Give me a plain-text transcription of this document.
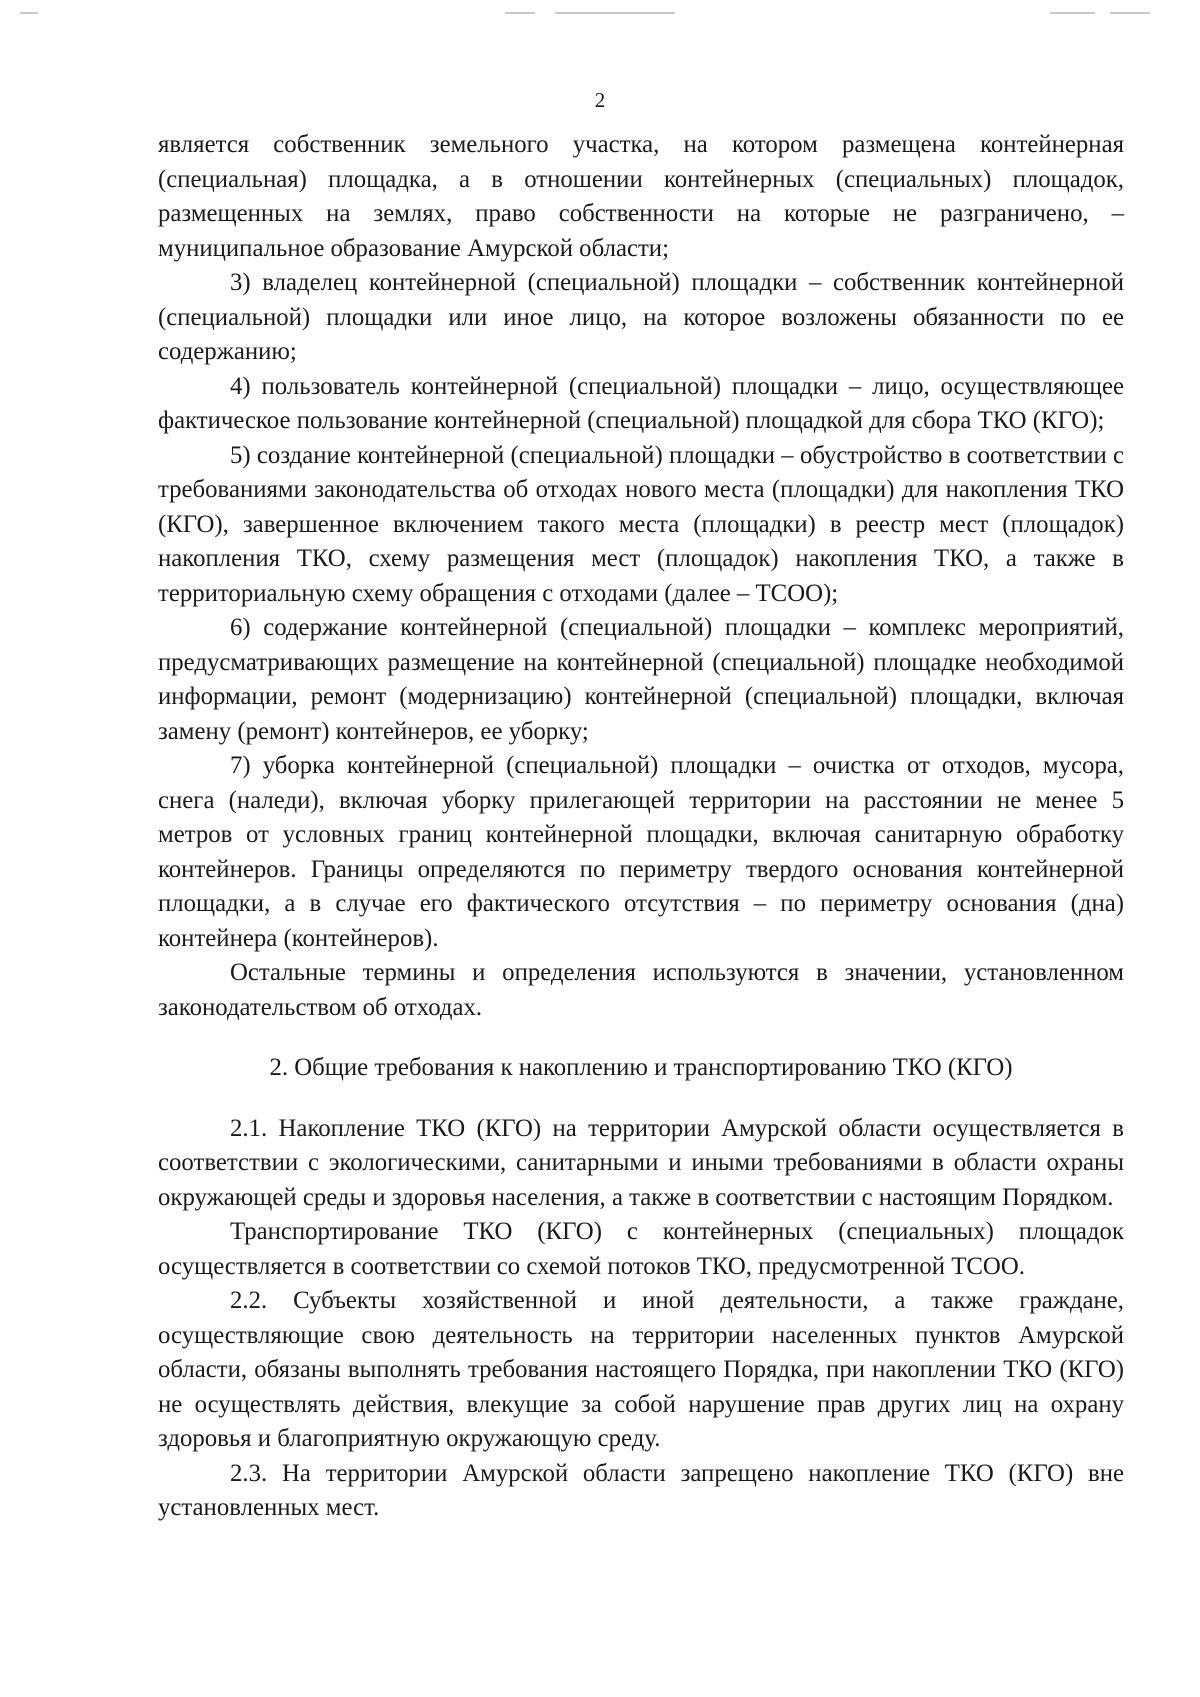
2

является собственник земельного участка, на котором размещена контейнерная (специальная) площадка, а в отношении контейнерных (специальных) площадок, размещенных на землях, право собственности на которые не разграничено, – муниципальное образование Амурской области;

3) владелец контейнерной (специальной) площадки – собственник контейнерной (специальной) площадки или иное лицо, на которое возложены обязанности по ее содержанию;

4) пользователь контейнерной (специальной) площадки – лицо, осуществляющее фактическое пользование контейнерной (специальной) площадкой для сбора ТКО (КГО);

5) создание контейнерной (специальной) площадки – обустройство в соответствии с требованиями законодательства об отходах нового места (площадки) для накопления ТКО (КГО), завершенное включением такого места (площадки) в реестр мест (площадок) накопления ТКО, схему размещения мест (площадок) накопления ТКО, а также в территориальную схему обращения с отходами (далее – ТСОО);

6) содержание контейнерной (специальной) площадки – комплекс мероприятий, предусматривающих размещение на контейнерной (специальной) площадке необходимой информации, ремонт (модернизацию) контейнерной (специальной) площадки, включая замену (ремонт) контейнеров, ее уборку;

7) уборка контейнерной (специальной) площадки – очистка от отходов, мусора, снега (наледи), включая уборку прилегающей территории на расстоянии не менее 5 метров от условных границ контейнерной площадки, включая санитарную обработку контейнеров. Границы определяются по периметру твердого основания контейнерной площадки, а в случае его фактического отсутствия – по периметру основания (дна) контейнера (контейнеров).

Остальные термины и определения используются в значении, установленном законодательством об отходах.

2. Общие требования к накоплению и транспортированию ТКО (КГО)

2.1. Накопление ТКО (КГО) на территории Амурской области осуществляется в соответствии с экологическими, санитарными и иными требованиями в области охраны окружающей среды и здоровья населения, а также в соответствии с настоящим Порядком.

Транспортирование ТКО (КГО) с контейнерных (специальных) площадок осуществляется в соответствии со схемой потоков ТКО, предусмотренной ТСОО.

2.2. Субъекты хозяйственной и иной деятельности, а также граждане, осуществляющие свою деятельность на территории населенных пунктов Амурской области, обязаны выполнять требования настоящего Порядка, при накоплении ТКО (КГО) не осуществлять действия, влекущие за собой нарушение прав других лиц на охрану здоровья и благоприятную окружающую среду.

2.3. На территории Амурской области запрещено накопление ТКО (КГО) вне установленных мест.
